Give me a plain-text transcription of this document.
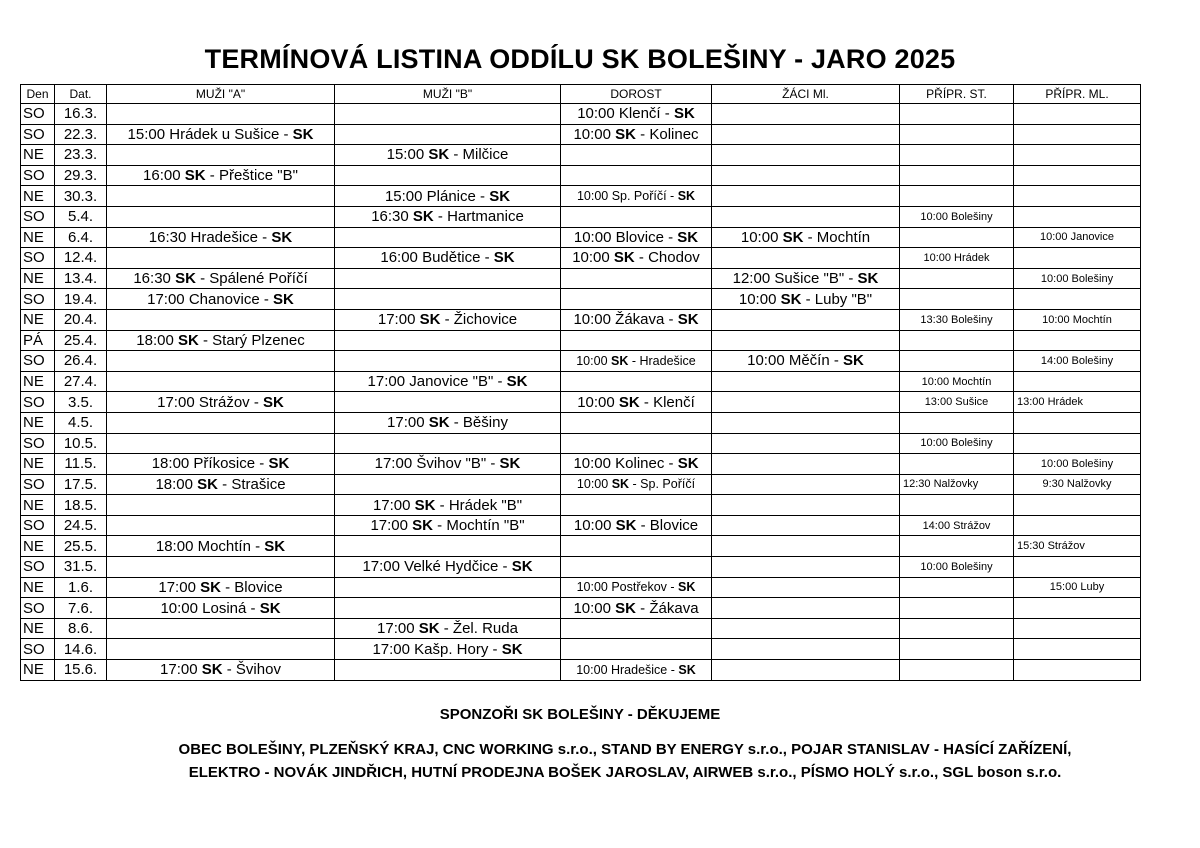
TERMÍNOVÁ LISTINA ODDÍLU SK BOLEŠINY - JARO 2025
Den	Dat.	MUŽI "A"	MUŽI "B"	DOROST	ŽÁCI Ml.	PŘÍPR. ST.	PŘÍPR. ML.
SO	16.3.			10:00 Klenčí - SK			
SO	22.3.	15:00 Hrádek u Sušice - SK		10:00 SK - Kolinec			
NE	23.3.		15:00 SK - Milčice				
SO	29.3.	16:00 SK - Přeštice "B"					
NE	30.3.		15:00 Plánice - SK	10:00 Sp. Poříčí - SK			
SO	5.4.		16:30 SK - Hartmanice			10:00 Bolešiny	
NE	6.4.	16:30 Hradešice - SK		10:00 Blovice - SK	10:00 SK - Mochtín		10:00 Janovice
SO	12.4.		16:00 Budětice - SK	10:00 SK - Chodov		10:00 Hrádek	
NE	13.4.	16:30 SK - Spálené Poříčí			12:00 Sušice "B" - SK		10:00 Bolešiny
SO	19.4.	17:00 Chanovice - SK			10:00 SK - Luby "B"		
NE	20.4.		17:00 SK - Žichovice	10:00 Žákava - SK		13:30 Bolešiny	10:00 Mochtín
PÁ	25.4.	18:00 SK - Starý Plzenec					
SO	26.4.			10:00 SK - Hradešice	10:00 Měčín - SK		14:00 Bolešiny
NE	27.4.		17:00 Janovice "B" - SK			10:00 Mochtín	
SO	3.5.	17:00 Strážov - SK		10:00 SK - Klenčí		13:00 Sušice	13:00 Hrádek
NE	4.5.		17:00 SK - Běšiny				
SO	10.5.					10:00 Bolešiny	
NE	11.5.	18:00 Příkosice - SK	17:00 Švihov "B" - SK	10:00 Kolinec - SK			10:00 Bolešiny
SO	17.5.	18:00 SK - Strašice		10:00 SK - Sp. Poříčí		12:30 Nalžovky	9:30 Nalžovky
NE	18.5.		17:00 SK - Hrádek "B"				
SO	24.5.		17:00 SK - Mochtín "B"	10:00 SK - Blovice		14:00 Strážov	
NE	25.5.	18:00 Mochtín - SK					15:30 Strážov
SO	31.5.		17:00 Velké Hydčice - SK			10:00 Bolešiny	
NE	1.6.	17:00 SK - Blovice		10:00 Postřekov - SK			15:00 Luby
SO	7.6.	10:00 Losiná - SK		10:00 SK - Žákava			
NE	8.6.		17:00 SK - Žel. Ruda				
SO	14.6.		17:00 Kašp. Hory - SK				
NE	15.6.	17:00 SK - Švihov		10:00 Hradešice - SK			
SPONZOŘI SK BOLEŠINY - DĚKUJEME
OBEC BOLEŠINY, PLZEŇSKÝ KRAJ, CNC WORKING s.r.o., STAND BY ENERGY s.r.o., POJAR STANISLAV - HASÍCÍ ZAŘÍZENÍ,
ELEKTRO - NOVÁK JINDŘICH, HUTNÍ PRODEJNA BOŠEK JAROSLAV, AIRWEB s.r.o., PÍSMO HOLÝ s.r.o., SGL boson s.r.o.
